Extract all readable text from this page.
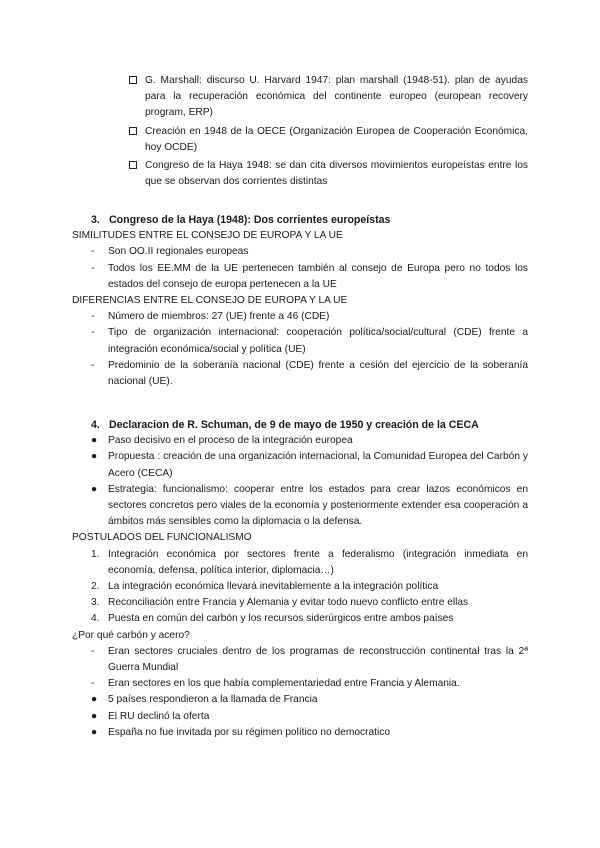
G. Marshall: discurso U. Harvard 1947: plan marshall (1948-51). plan de ayudas para la recuperación económica del continente europeo (european recovery program, ERP)
Creación en 1948 de la OECE (Organización Europea de Cooperación Económica, hoy OCDE)
Congreso de la Haya 1948: se dan cita diversos movimientos europeístas entre los que se observan dos corrientes distintas
3. Congreso de la Haya (1948): Dos corrientes europeístas
SIMILITUDES ENTRE EL CONSEJO DE EUROPA Y LA UE
-	Son OO.II regionales europeas
-	Todos los EE.MM de la UE pertenecen también al consejo de Europa pero no todos los estados del consejo de europa pertenecen a la UE
DIFERENCIAS ENTRE EL CONSEJO DE EUROPA Y LA UE
-	Número de miembros: 27 (UE) frente a 46 (CDE)
-	Tipo de organización internacional: cooperación política/social/cultural (CDE) frente a integración económica/social y política (UE)
-	Predominio de la soberanía nacional (CDE) frente a cesión del ejercicio de la soberanía nacional (UE).
4. Declaracion de R. Schuman, de 9 de mayo de 1950 y creación de la CECA
●	Paso decisivo en el proceso de la integración europea
●	Propuesta : creación de una organización internacional, la Comunidad Europea del Carbón y Acero (CECA)
●	Estrategia: funcionalismo: cooperar entre los estados para crear lazos económicos en sectores concretos pero viales de la economía y posteriormente extender esa cooperación a ámbitos más sensibles como la diplomacia o la defensa.
POSTULADOS DEL FUNCIONALISMO
1. Integración económica por sectores frente a federalismo (integración inmediata en economía, defensa, política interior, diplomacia…)
2. La integración económica llevará inevitablemente a la integración política
3. Reconciliación entre Francia y Alemania y evitar todo nuevo conflicto entre ellas
4. Puesta en común del carbón y los recursos siderúrgicos entre ambos países
¿Por qué carbón y acero?
-	Eran sectores cruciales dentro de los programas de reconstrucción continental tras la 2ª Guerra Mundial
-	Eran sectores en los que había complementariedad entre Francia y Alemania.
●	5 países respondieron a la llamada de Francia
●	El RU declinó la oferta
●	España no fue invitada por su régimen político no democratico
